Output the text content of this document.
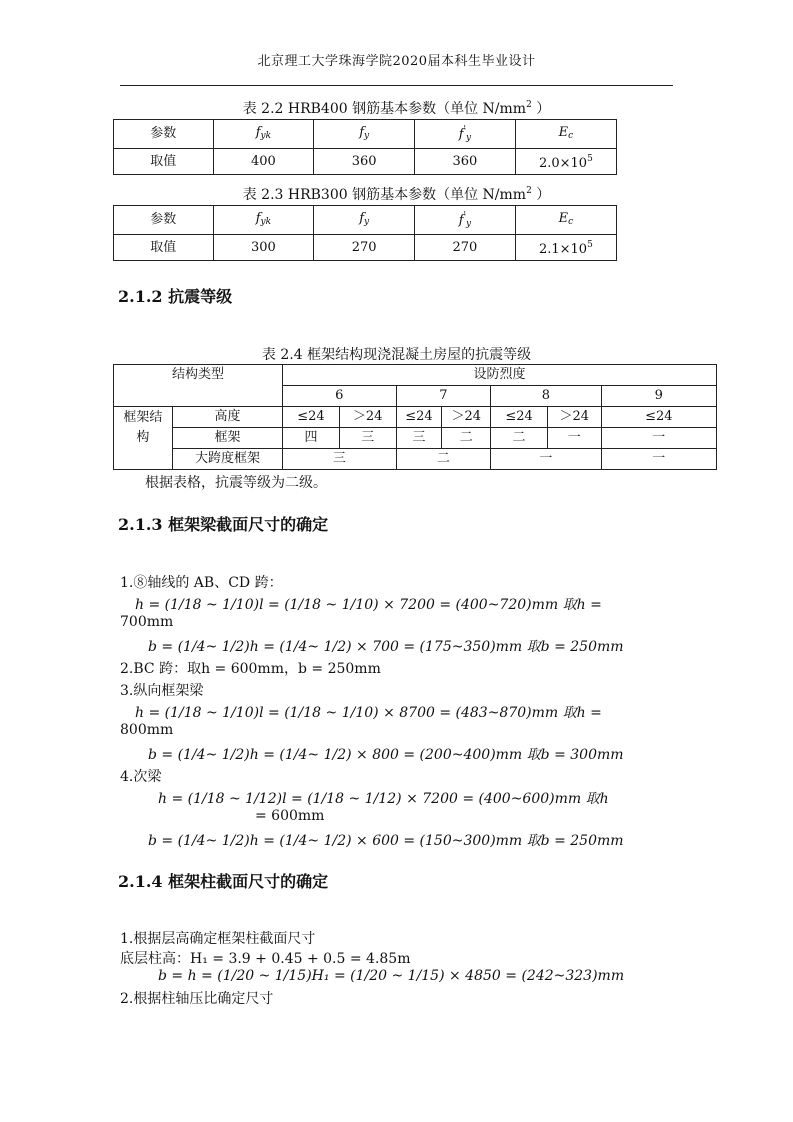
北京理工大学珠海学院2020届本科生毕业设计
表 2.2 HRB400 钢筋基本参数（单位 $N/mm^2$ ）
参数	$f_{yk}$	$f_y$	$f'_y$	$E_c$
取值	400	360	360	$2.0\times 10^5$
表 2.3 HRB300 钢筋基本参数（单位 $N/mm^2$ ）
参数	$f_{yk}$	$f_y$	$f'_y$	$E_c$
取值	300	270	270	$2.1\times 10^5$
2.1.2 抗震等级
表 2.4 框架结构现浇混凝土房屋的抗震等级
结构类型		设防烈度						
		6		7		8		9

框架结构	高度	≤24	＞24	≤24	＞24	≤24	＞24	≤24
	框架	四	三	三	二	二	一	一
	大跨度框架	三		二		一		一
根据表格，抗震等级为二级。
2.1.3 框架梁截面尺寸的确定
1.⑧轴线的 AB、CD 跨：
h = (1/18 ~ 1/10)l = (1/18 ~ 1/10) × 7200 = (400~720)mm 取h =
700mm
b = (1/4~ 1/2)h = (1/4~ 1/2) × 700 = (175~350)mm 取b = 250mm
2.BC 跨：取h = 600mm，b = 250mm
3.纵向框架梁
h = (1/18 ~ 1/10)l = (1/18 ~ 1/10) × 8700 = (483~870)mm 取h =
800mm
b = (1/4~ 1/2)h = (1/4~ 1/2) × 800 = (200~400)mm 取b = 300mm
4.次梁
h = (1/18 ~ 1/12)l = (1/18 ~ 1/12) × 7200 = (400~600)mm 取h
= 600mm
b = (1/4~ 1/2)h = (1/4~ 1/2) × 600 = (150~300)mm 取b = 250mm
2.1.4 框架柱截面尺寸的确定
1.根据层高确定框架柱截面尺寸
底层柱高：H₁ = 3.9 + 0.45 + 0.5 = 4.85m
b = h = (1/20 ~ 1/15)H₁ = (1/20 ~ 1/15) × 4850 = (242~323)mm
2.根据柱轴压比确定尺寸
